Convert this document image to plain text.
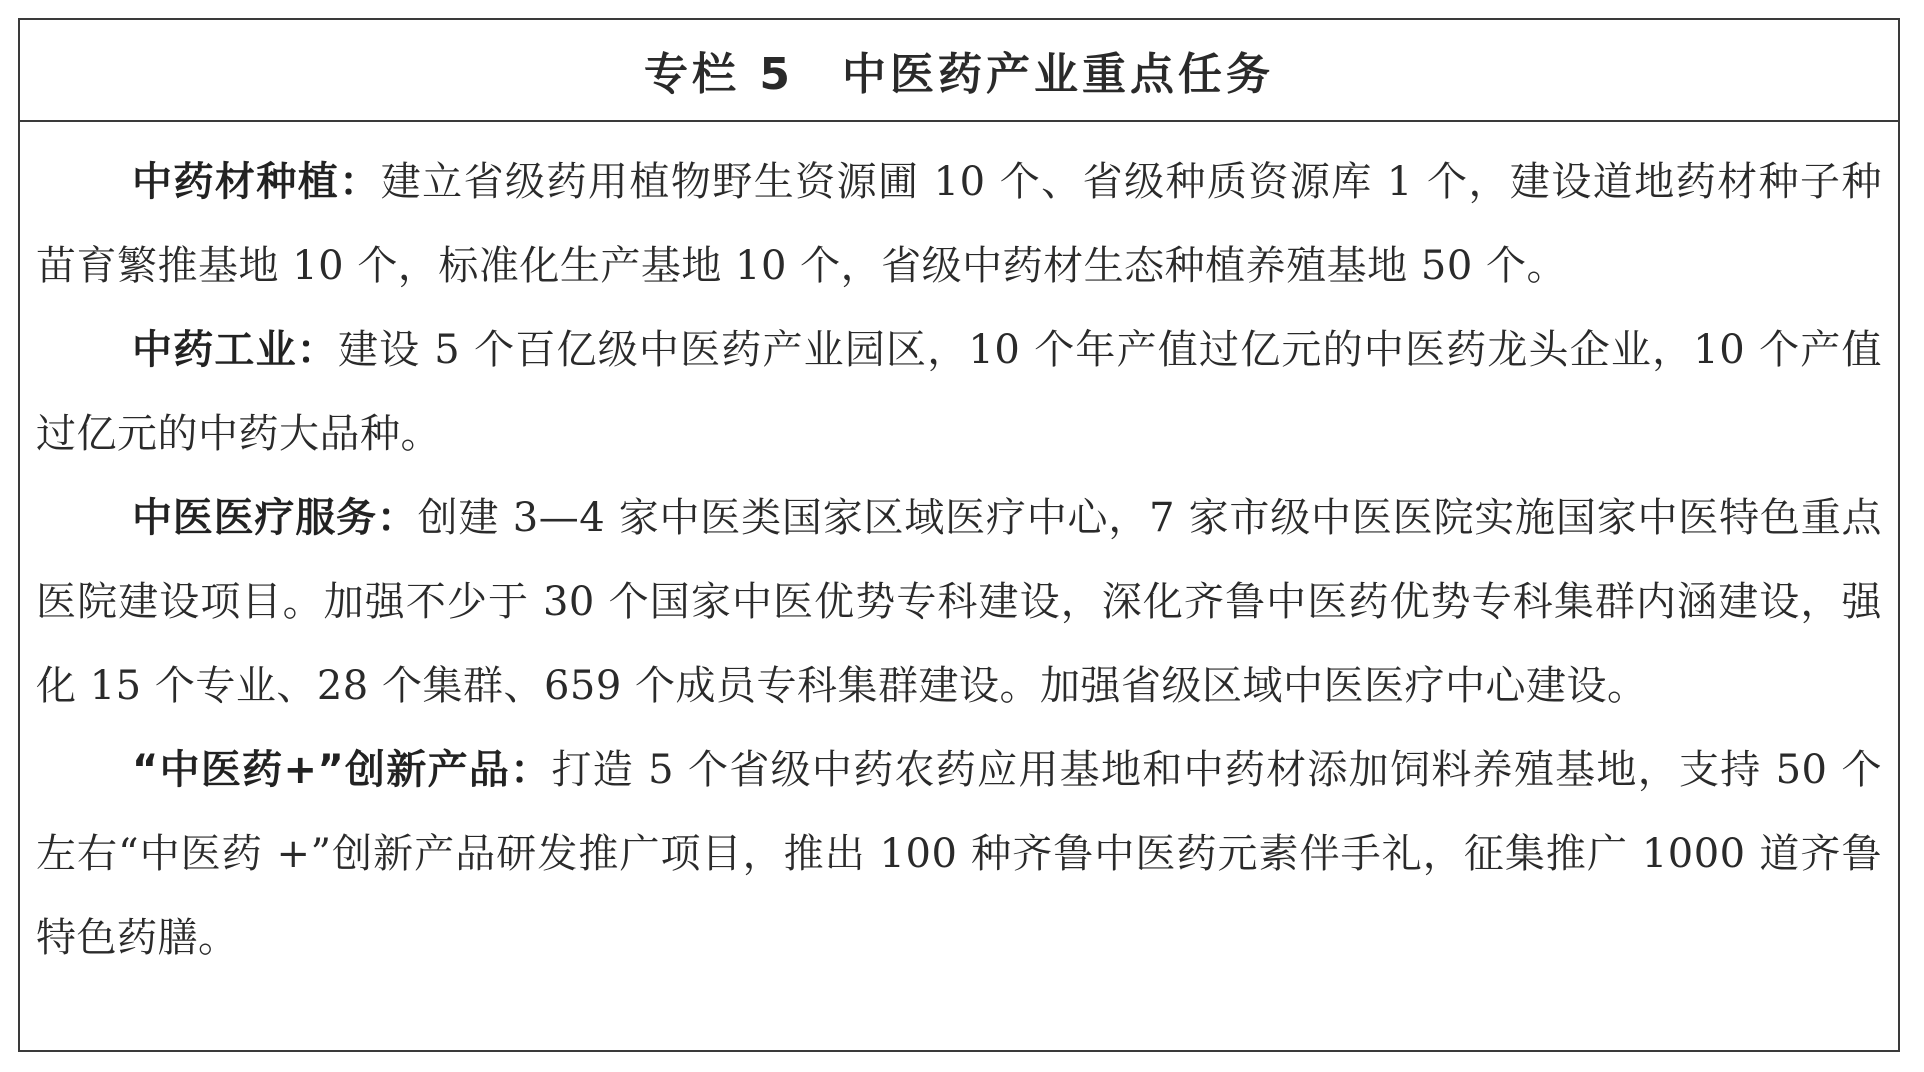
专栏 5　中医药产业重点任务

中药材种植：建立省级药用植物野生资源圃 10 个、省级种质资源库 1 个，建设道地药材种子种苗育繁推基地 10 个，标准化生产基地 10 个，省级中药材生态种植养殖基地 50 个。

中药工业：建设 5 个百亿级中医药产业园区，10 个年产值过亿元的中医药龙头企业，10 个产值过亿元的中药大品种。

中医医疗服务：创建 3—4 家中医类国家区域医疗中心，7 家市级中医医院实施国家中医特色重点医院建设项目。加强不少于 30 个国家中医优势专科建设，深化齐鲁中医药优势专科集群内涵建设，强化 15 个专业、28 个集群、659 个成员专科集群建设。加强省级区域中医医疗中心建设。

“中医药+”创新产品：打造 5 个省级中药农药应用基地和中药材添加饲料养殖基地，支持 50 个左右“中医药 +”创新产品研发推广项目，推出 100 种齐鲁中医药元素伴手礼，征集推广 1000 道齐鲁特色药膳。
